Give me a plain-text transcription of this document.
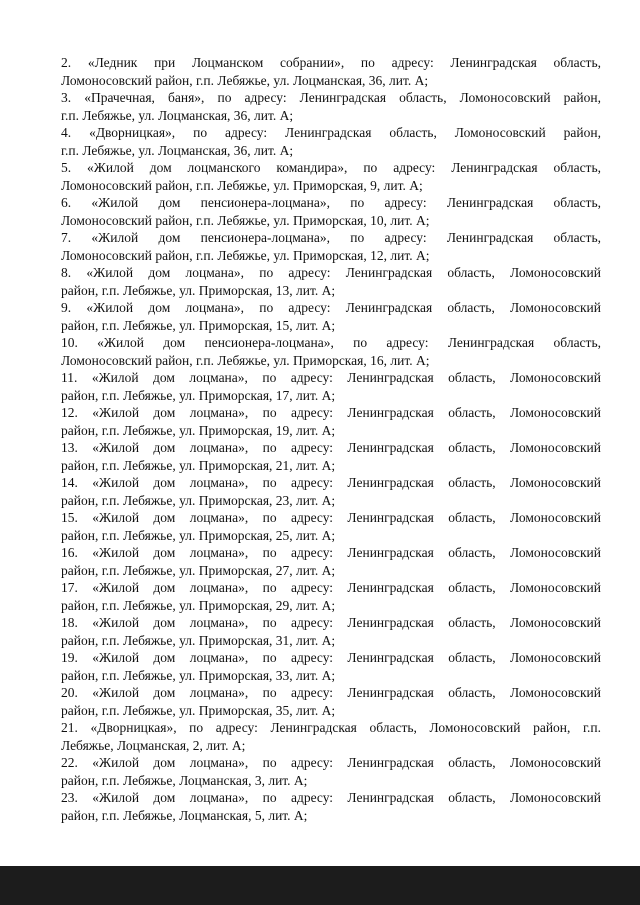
2. «Ледник при Лоцманском собрании», по адресу: Ленинградская область,
Ломоносовский район, г.п. Лебяжье, ул. Лоцманская, 36, лит. А;
3. «Прачечная, баня», по адресу: Ленинградская область, Ломоносовский район,
г.п. Лебяжье, ул. Лоцманская, 36, лит. А;
4. «Дворницкая», по адресу: Ленинградская область, Ломоносовский район,
г.п. Лебяжье, ул. Лоцманская, 36, лит. А;
5. «Жилой дом лоцманского командира», по адресу: Ленинградская область,
Ломоносовский район, г.п. Лебяжье, ул. Приморская, 9, лит. А;
6. «Жилой дом пенсионера-лоцмана», по адресу: Ленинградская область,
Ломоносовский район, г.п. Лебяжье, ул. Приморская, 10, лит. А;
7. «Жилой дом пенсионера-лоцмана», по адресу: Ленинградская область,
Ломоносовский район, г.п. Лебяжье, ул. Приморская, 12, лит. А;
8. «Жилой дом лоцмана», по адресу: Ленинградская область, Ломоносовский
район, г.п. Лебяжье, ул. Приморская, 13, лит. А;
9. «Жилой дом лоцмана», по адресу: Ленинградская область, Ломоносовский
район, г.п. Лебяжье, ул. Приморская, 15, лит. А;
10. «Жилой дом пенсионера-лоцмана», по адресу: Ленинградская область,
Ломоносовский район, г.п. Лебяжье, ул. Приморская, 16, лит. А;
11. «Жилой дом лоцмана», по адресу: Ленинградская область, Ломоносовский
район, г.п. Лебяжье, ул. Приморская, 17, лит. А;
12. «Жилой дом лоцмана», по адресу: Ленинградская область, Ломоносовский
район, г.п. Лебяжье, ул. Приморская, 19, лит. А;
13. «Жилой дом лоцмана», по адресу: Ленинградская область, Ломоносовский
район, г.п. Лебяжье, ул. Приморская, 21, лит. А;
14. «Жилой дом лоцмана», по адресу: Ленинградская область, Ломоносовский
район, г.п. Лебяжье, ул. Приморская, 23, лит. А;
15. «Жилой дом лоцмана», по адресу: Ленинградская область, Ломоносовский
район, г.п. Лебяжье, ул. Приморская, 25, лит. А;
16. «Жилой дом лоцмана», по адресу: Ленинградская область, Ломоносовский
район, г.п. Лебяжье, ул. Приморская, 27, лит. А;
17. «Жилой дом лоцмана», по адресу: Ленинградская область, Ломоносовский
район, г.п. Лебяжье, ул. Приморская, 29, лит. А;
18. «Жилой дом лоцмана», по адресу: Ленинградская область, Ломоносовский
район, г.п. Лебяжье, ул. Приморская, 31, лит. А;
19. «Жилой дом лоцмана», по адресу: Ленинградская область, Ломоносовский
район, г.п. Лебяжье, ул. Приморская, 33, лит. А;
20. «Жилой дом лоцмана», по адресу: Ленинградская область, Ломоносовский
район, г.п. Лебяжье, ул. Приморская, 35, лит. А;
21. «Дворницкая», по адресу: Ленинградская область, Ломоносовский район, г.п.
Лебяжье, Лоцманская, 2, лит. А;
22. «Жилой дом лоцмана», по адресу: Ленинградская область, Ломоносовский
район, г.п. Лебяжье, Лоцманская, 3, лит. А;
23. «Жилой дом лоцмана», по адресу: Ленинградская область, Ломоносовский
район, г.п. Лебяжье, Лоцманская, 5, лит. А;
